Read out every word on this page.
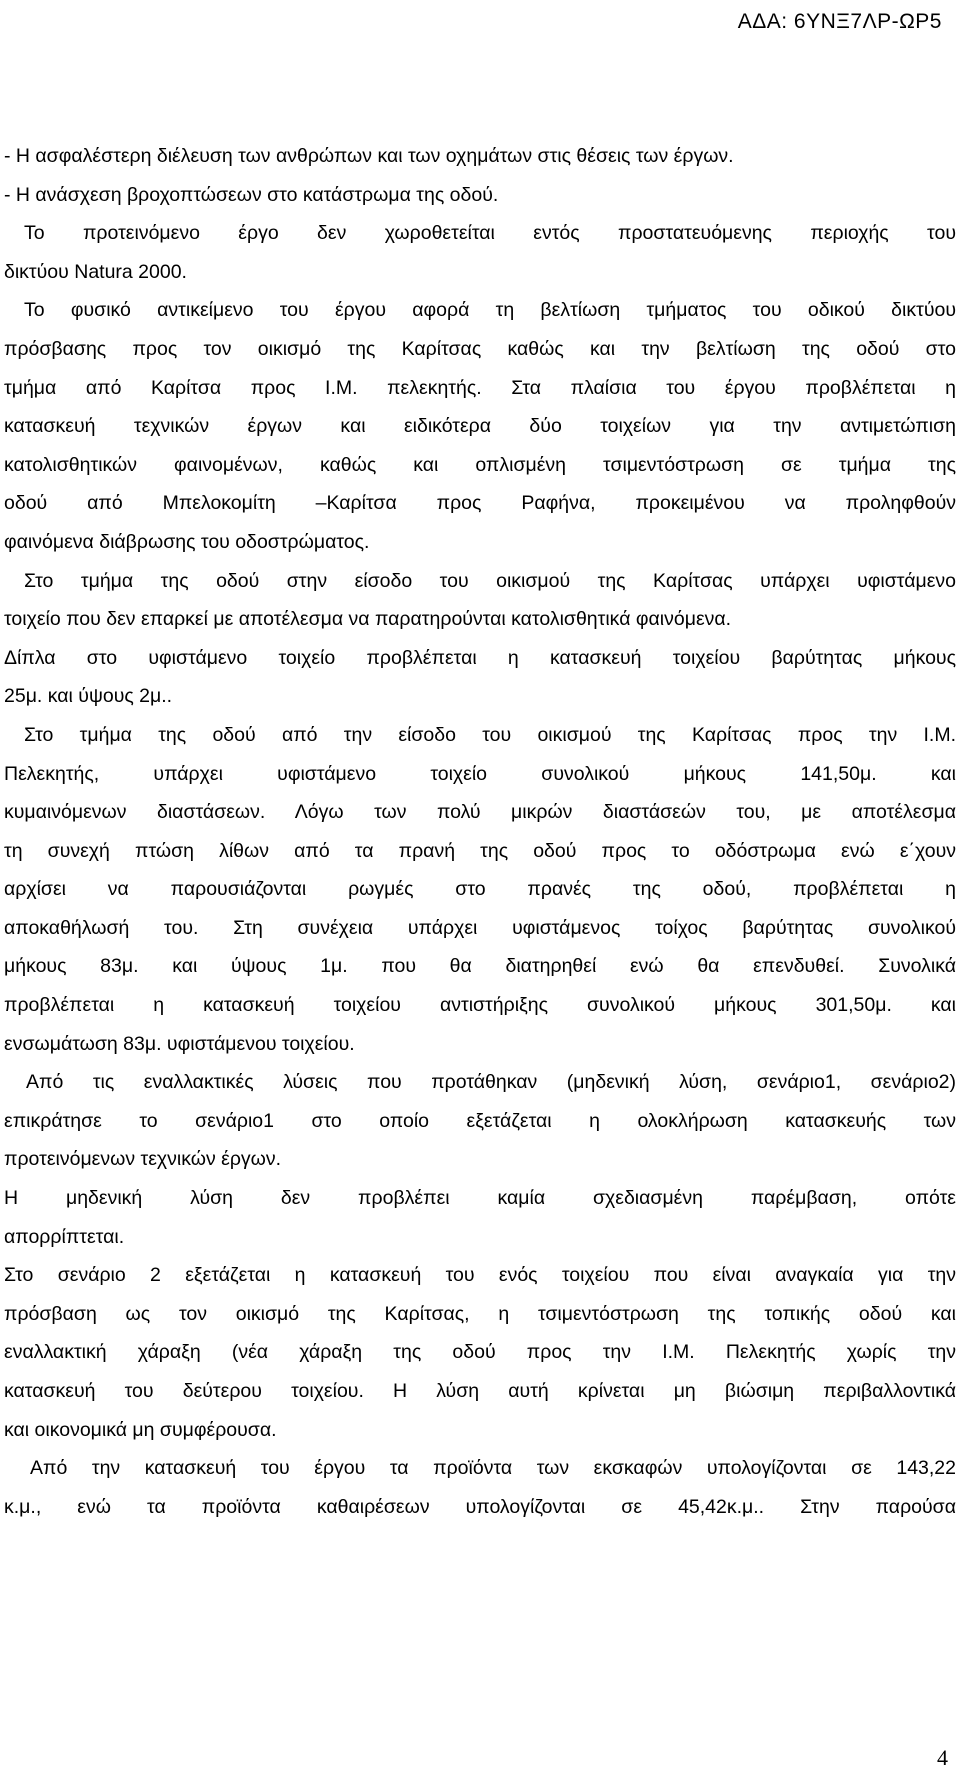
ΑΔΑ: 6ΥΝΞ7ΛΡ-ΩΡ5
- Η ασφαλέστερη διέλευση των ανθρώπων και των οχημάτων στις θέσεις των έργων.
- Η ανάσχεση βροχοπτώσεων στο κατάστρωμα της οδού.
Το προτεινόμενο έργο δεν χωροθετείται εντός προστατευόμενης περιοχής του
δικτύου Natura 2000.
Το φυσικό αντικείμενο του έργου αφορά τη βελτίωση τμήματος του οδικού δικτύου
πρόσβασης προς τον οικισμό της Καρίτσας καθώς και την βελτίωση της οδού στο
τμήμα από Καρίτσα προς Ι.Μ. πελεκητής. Στα πλαίσια του έργου προβλέπεται η
κατασκευή τεχνικών έργων και ειδικότερα δύο τοιχείων για την αντιμετώπιση
κατολισθητικών φαινομένων, καθώς και οπλισμένη τσιμεντόστρωση σε τμήμα της
οδού από Μπελοκομίτη –Καρίτσα προς Ραφήνα, προκειμένου να προληφθούν
φαινόμενα διάβρωσης του οδοστρώματος.
Στο τμήμα της οδού στην είσοδο του οικισμού της Καρίτσας υπάρχει υφιστάμενο
τοιχείο που δεν επαρκεί με αποτέλεσμα να παρατηρούνται κατολισθητικά φαινόμενα.
Δίπλα στο υφιστάμενο τοιχείο προβλέπεται η κατασκευή τοιχείου βαρύτητας μήκους
25μ. και ύψους 2μ..
Στο τμήμα της οδού από την είσοδο του οικισμού της Καρίτσας προς την Ι.Μ.
Πελεκητής, υπάρχει υφιστάμενο τοιχείο συνολικού μήκους 141,50μ. και
κυμαινόμενων διαστάσεων. Λόγω των πολύ μικρών διαστάσεών του, με αποτέλεσμα
τη συνεχή πτώση λίθων από τα πρανή της οδού προς το οδόστρωμα ενώ ε΄χουν
αρχίσει να παρουσιάζονται ρωγμές στο πρανές της οδού, προβλέπεται η
αποκαθήλωσή του. Στη συνέχεια υπάρχει υφιστάμενος τοίχος βαρύτητας συνολικού
μήκους 83μ. και ύψους 1μ. που θα διατηρηθεί ενώ θα επενδυθεί. Συνολικά
προβλέπεται η κατασκευή τοιχείου αντιστήριξης συνολικού μήκους 301,50μ. και
ενσωμάτωση 83μ. υφιστάμενου τοιχείου.
Από τις εναλλακτικές λύσεις που προτάθηκαν (μηδενική λύση, σενάριο1, σενάριο2)
επικράτησε το σενάριο1 στο οποίο εξετάζεται η ολοκλήρωση κατασκευής των
προτεινόμενων τεχνικών έργων.
Η μηδενική λύση δεν προβλέπει καμία σχεδιασμένη παρέμβαση, οπότε
απορρίπτεται.
Στο σενάριο 2 εξετάζεται η κατασκευή του ενός τοιχείου που είναι αναγκαία για την
πρόσβαση ως τον οικισμό της Καρίτσας, η τσιμεντόστρωση της τοπικής οδού και
εναλλακτική χάραξη (νέα χάραξη της οδού προς την Ι.Μ. Πελεκητής χωρίς την
κατασκευή του δεύτερου τοιχείου. Η λύση αυτή κρίνεται μη βιώσιμη περιβαλλοντικά
και οικονομικά μη συμφέρουσα.
Από την κατασκευή του έργου τα προϊόντα των εκσκαφών υπολογίζονται σε 143,22
κ.μ., ενώ τα προϊόντα καθαιρέσεων υπολογίζονται σε 45,42κ.μ.. Στην παρούσα
4
